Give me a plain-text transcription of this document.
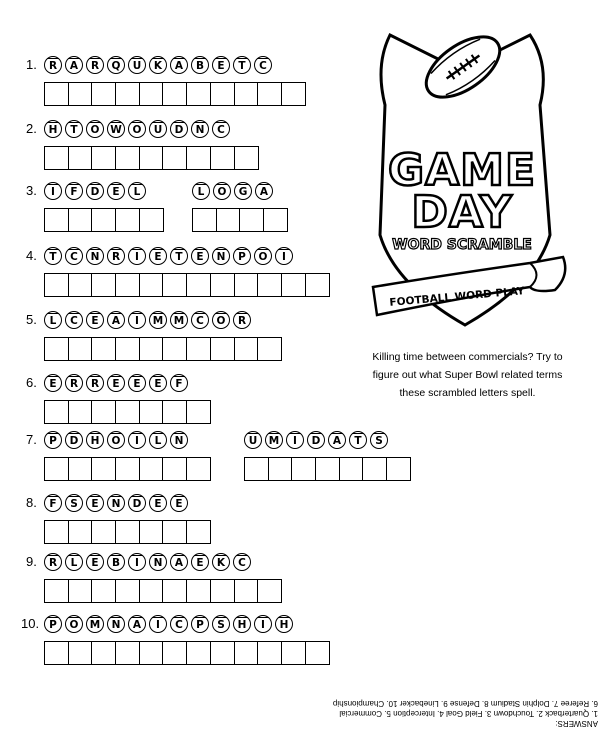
1. R A R Q U K A B E T C
2. H T O W O U D N C
3. I F D E L	L O G A
4. T C N R I E T E N P O I
5. L C E A I M M C O R
6. E R R E E E F
7. P D H O I L N	U M I D A T S
8. F S E N D E E
9. R L E B I N A E K C
10. P O M N A I C P S H I H
GAME
DAY
WORD SCRAMBLE
FOOTBALL WORD PLAY
Killing time between commercials? Try to
figure out what Super Bowl related terms
these scrambled letters spell.
ANSWERS:
1. Quarterback 2. Touchdown 3. Field Goal 4. Interception 5. Commercial
6. Referee 7. Dolphin Stadium 8. Defense 9. Linebacker 10. Championship
